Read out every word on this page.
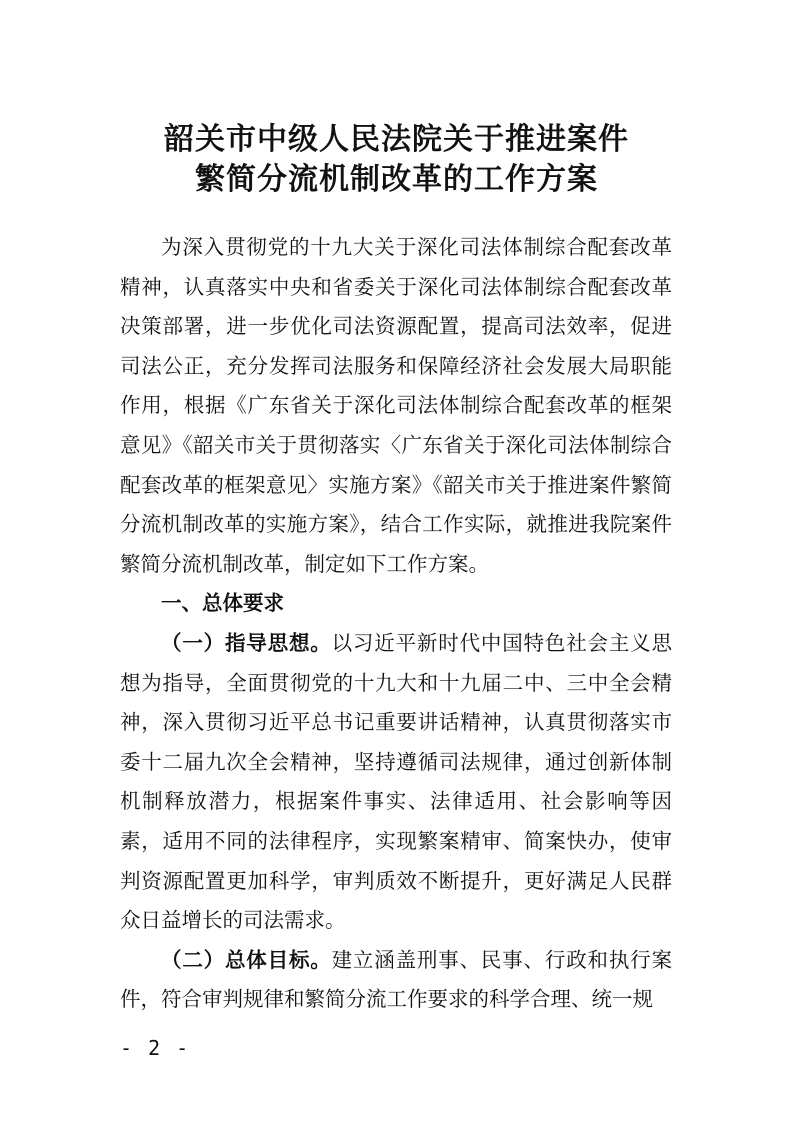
韶关市中级人民法院关于推进案件
繁简分流机制改革的工作方案

为深入贯彻党的十九大关于深化司法体制综合配套改革精神，认真落实中央和省委关于深化司法体制综合配套改革决策部署，进一步优化司法资源配置，提高司法效率，促进司法公正，充分发挥司法服务和保障经济社会发展大局职能作用，根据《广东省关于深化司法体制综合配套改革的框架意见》《韶关市关于贯彻落实〈广东省关于深化司法体制综合配套改革的框架意见〉实施方案》《韶关市关于推进案件繁简分流机制改革的实施方案》，结合工作实际，就推进我院案件繁简分流机制改革，制定如下工作方案。

一、总体要求

（一）指导思想。以习近平新时代中国特色社会主义思想为指导，全面贯彻党的十九大和十九届二中、三中全会精神，深入贯彻习近平总书记重要讲话精神，认真贯彻落实市委十二届九次全会精神，坚持遵循司法规律，通过创新体制机制释放潜力，根据案件事实、法律适用、社会影响等因素，适用不同的法律程序，实现繁案精审、简案快办，使审判资源配置更加科学，审判质效不断提升，更好满足人民群众日益增长的司法需求。

（二）总体目标。建立涵盖刑事、民事、行政和执行案件，符合审判规律和繁简分流工作要求的科学合理、统一规

- 2 -
